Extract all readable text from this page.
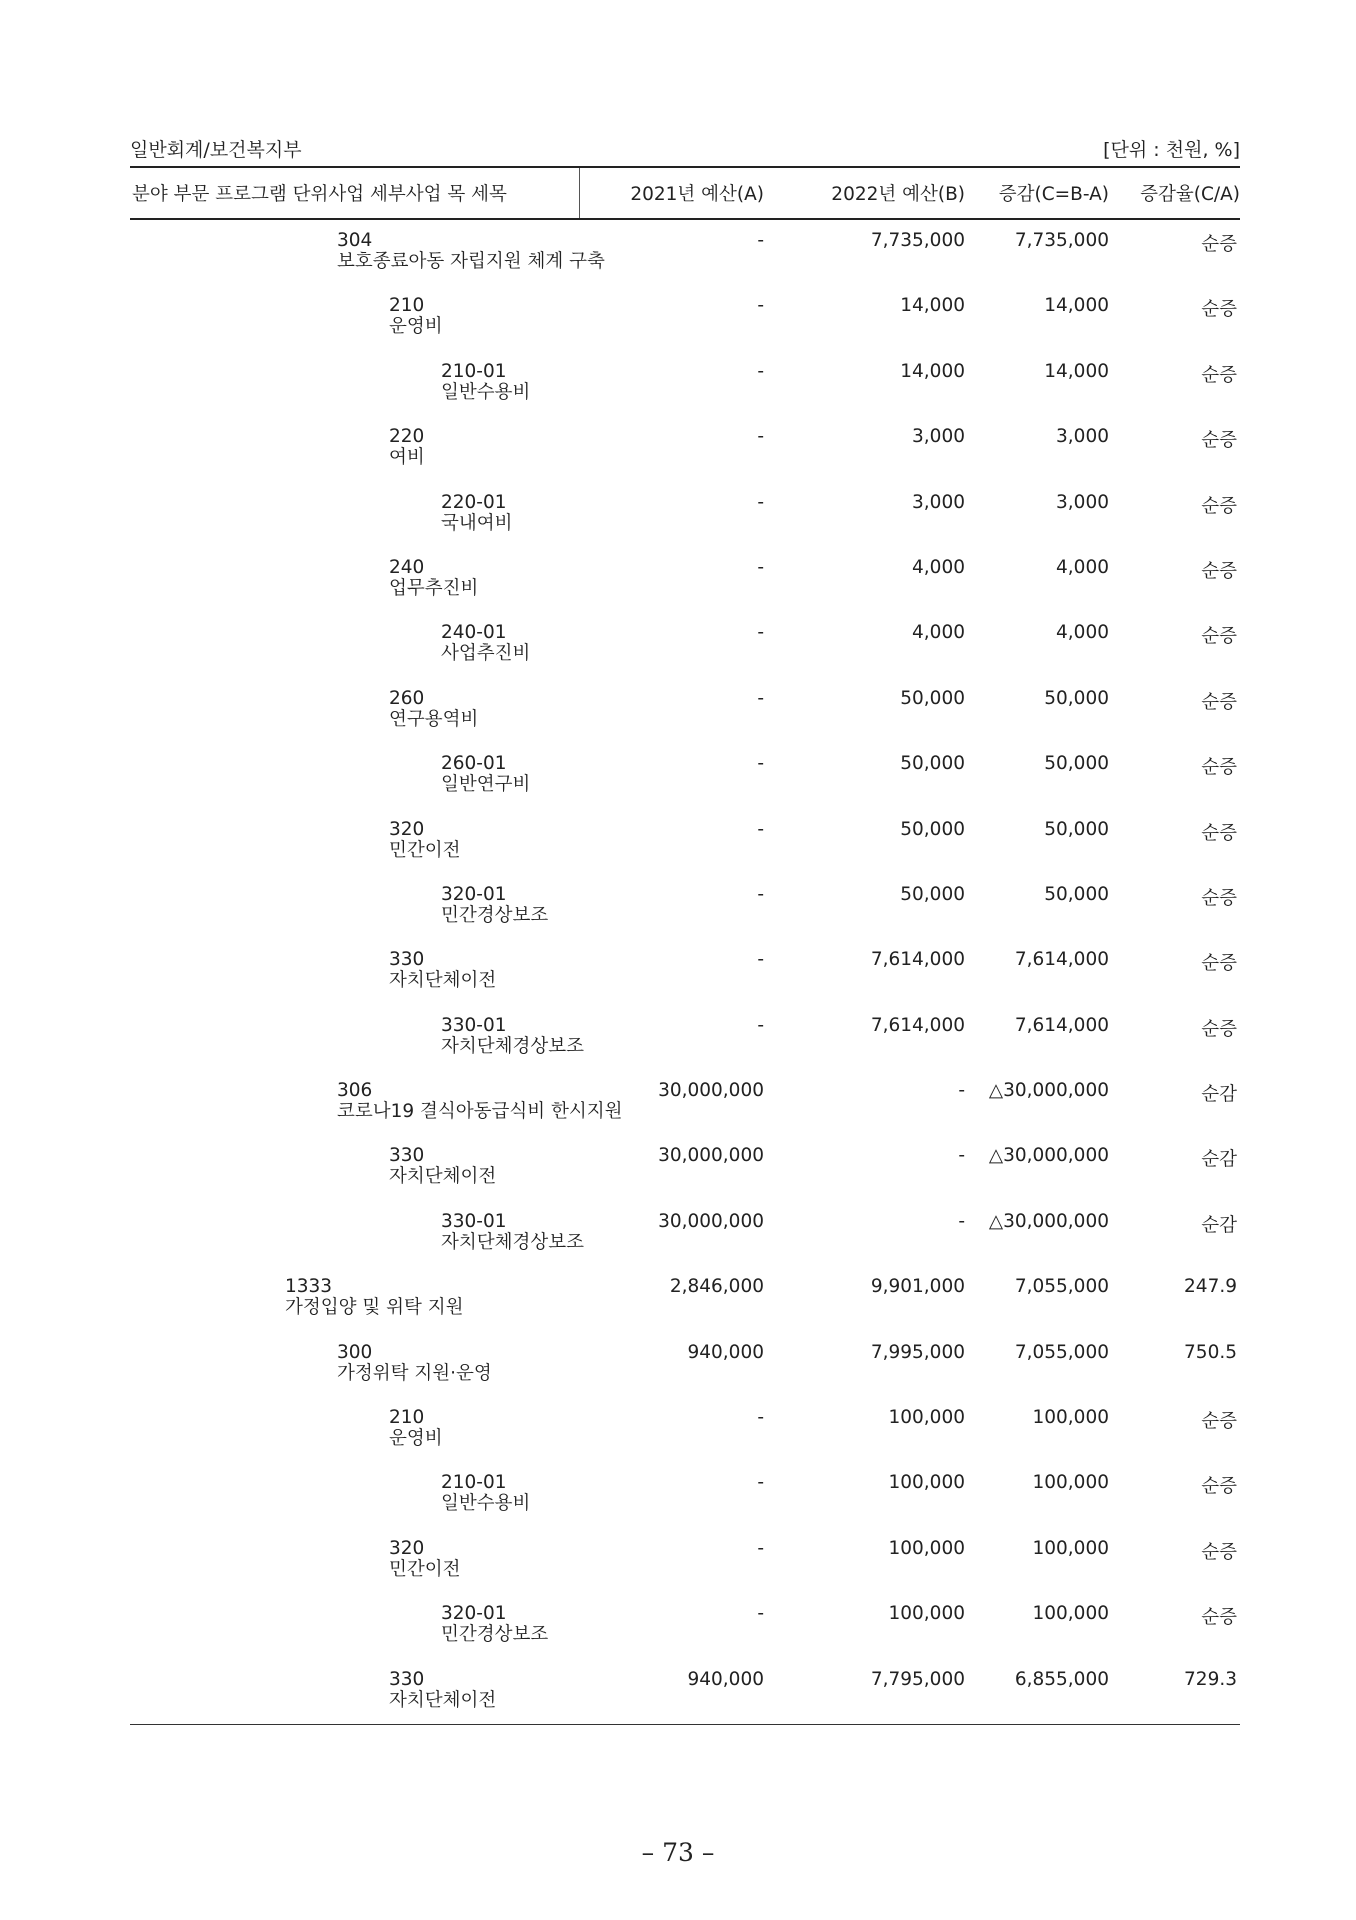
일반회계/보건복지부	[단위 : 천원, %]
분야 부문 프로그램 단위사업 세부사업 목 세목	2021년 예산(A)	2022년 예산(B)	증감(C=B-A)	증감율(C/A)
304
보호종료아동 자립지원 체계 구축
-	7,735,000	7,735,000	순증
210
운영비
-	14,000	14,000	순증
210-01
일반수용비
-	14,000	14,000	순증
220
여비
-	3,000	3,000	순증
220-01
국내여비
-	3,000	3,000	순증
240
업무추진비
-	4,000	4,000	순증
240-01
사업추진비
-	4,000	4,000	순증
260
연구용역비
-	50,000	50,000	순증
260-01
일반연구비
-	50,000	50,000	순증
320
민간이전
-	50,000	50,000	순증
320-01
민간경상보조
-	50,000	50,000	순증
330
자치단체이전
-	7,614,000	7,614,000	순증
330-01
자치단체경상보조
-	7,614,000	7,614,000	순증
306
코로나19 결식아동급식비 한시지원
30,000,000	-	△30,000,000	순감
330
자치단체이전
30,000,000	-	△30,000,000	순감
330-01
자치단체경상보조
30,000,000	-	△30,000,000	순감
1333
가정입양 및 위탁 지원
2,846,000	9,901,000	7,055,000	247.9
300
가정위탁 지원·운영
940,000	7,995,000	7,055,000	750.5
210
운영비
-	100,000	100,000	순증
210-01
일반수용비
-	100,000	100,000	순증
320
민간이전
-	100,000	100,000	순증
320-01
민간경상보조
-	100,000	100,000	순증
330
자치단체이전
940,000	7,795,000	6,855,000	729.3
– 73 –
